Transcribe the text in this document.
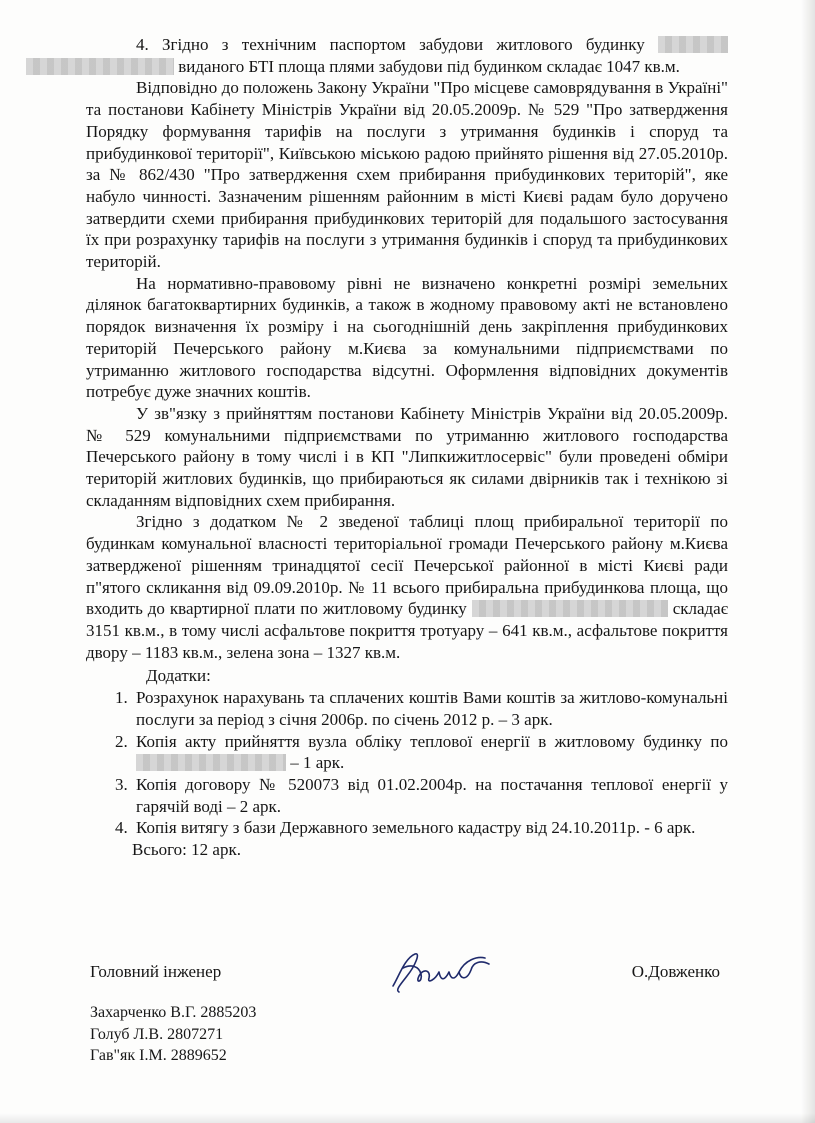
4. Згідно з технічним паспортом забудови житлового будинку   виданого БТІ площа плями забудови під будинком складає 1047 кв.м.

Відповідно до положень Закону України "Про місцеве самоврядування в Україні" та постанови Кабінету Міністрів України від 20.05.2009р. № 529 "Про затвердження Порядку формування тарифів на послуги з утримання будинків і споруд та прибудинкової території", Київською міською радою прийнято рішення від 27.05.2010р. за № 862/430 "Про затвердження схем прибирання прибудинкових територій", яке набуло чинності. Зазначеним рішенням районним в місті Києві радам було доручено затвердити схеми прибирання прибудинкових територій для подальшого застосування їх при розрахунку тарифів на послуги з утримання будинків і споруд та прибудинкових територій.

На нормативно-правовому рівні не визначено конкретні розмірі земельних ділянок багатоквартирних будинків, а також в жодному правовому акті не встановлено порядок визначення їх розміру і на сьогоднішній день закріплення прибудинкових територій Печерського району м.Києва за комунальними підприємствами по утриманню житлового господарства відсутні. Оформлення відповідних документів потребує дуже значних коштів.

У зв"язку з прийняттям постанови Кабінету Міністрів України від 20.05.2009р. № 529 комунальними підприємствами по утриманню житлового господарства Печерського району в тому числі і в КП "Липкижитлосервіс" були проведені обміри територій житлових будинків, що прибираються як силами двірників так і технікою зі складанням відповідних схем прибирання.

Згідно з додатком № 2 зведеної таблиці площ прибиральної території по будинкам комунальної власності територіальної громади Печерського району м.Києва затвердженої рішенням тринадцятої сесії Печерської районної в місті Києві ради п"ятого скликання від 09.09.2010р. № 11 всього прибиральна прибудинкова площа, що входить до квартирної плати по житловому будинку	складає 3151 кв.м., в тому числі асфальтове покриття тротуару – 641 кв.м., асфальтове покриття двору – 1183 кв.м., зелена зона – 1327 кв.м.

Додатки:
1. Розрахунок нарахувань та сплачених коштів Вами коштів за житлово-комунальні послуги за період з січня 2006р. по січень 2012 р. – 3 арк.
2. Копія акту прийняття вузла обліку теплової енергії в житловому будинку по  – 1 арк.
3. Копія договору № 520073 від 01.02.2004р. на постачання теплової енергії у гарячій воді – 2 арк.
4. Копія витягу з бази Державного земельного кадастру від 24.10.2011р. - 6 арк.
Всього: 12 арк.
Головний інженер	О.Довженко
Захарченко В.Г. 2885203
Голуб Л.В. 2807271
Гав"як І.М. 2889652
